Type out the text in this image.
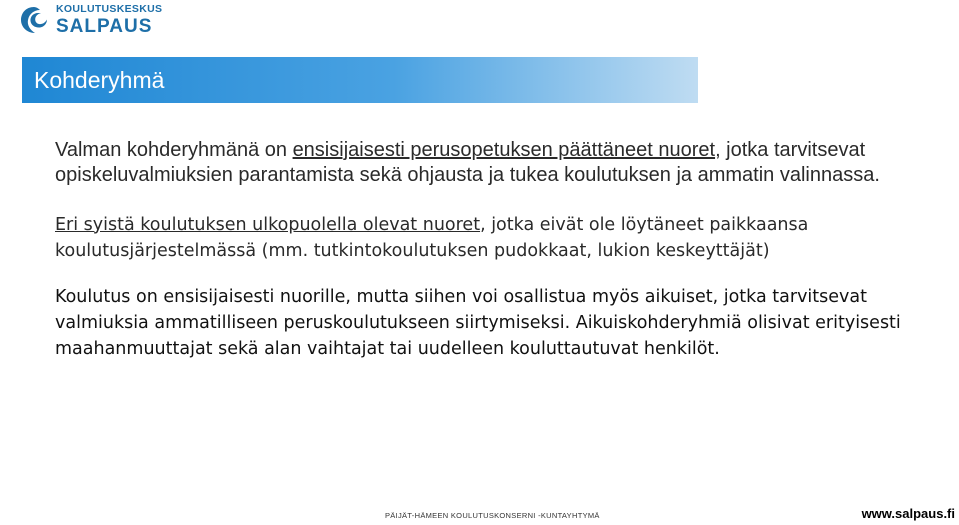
KOULUTUSKESKUS
SALPAUS
Kohderyhmä

Valman kohderyhmänä on ensisijaisesti perusopetuksen päättäneet nuoret, jotka tarvitsevat opiskeluvalmiuksien parantamista sekä ohjausta ja tukea koulutuksen ja ammatin valinnassa.

Eri syistä koulutuksen ulkopuolella olevat nuoret, jotka eivät ole löytäneet paikkaansa koulutusjärjestelmässä (mm. tutkintokoulutuksen pudokkaat, lukion keskeyttäjät)

Koulutus on ensisijaisesti nuorille, mutta siihen voi osallistua myös aikuiset, jotka tarvitsevat valmiuksia ammatilliseen peruskoulutukseen siirtymiseksi. Aikuiskohderyhmiä olisivat erityisesti maahanmuuttajat sekä alan vaihtajat tai uudelleen kouluttautuvat henkilöt.

PÄIJÄT-HÄMEEN KOULUTUSKONSERNI -KUNTAYHTYMÄ	www.salpaus.fi
